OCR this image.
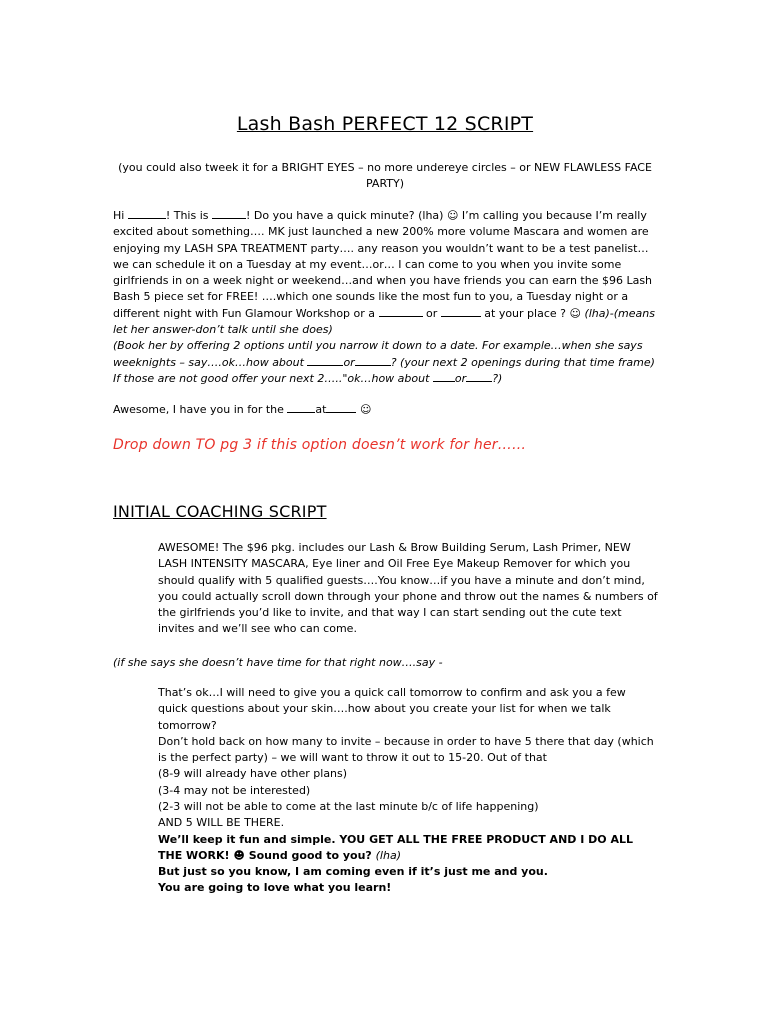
Lash Bash PERFECT 12 SCRIPT
(you could also tweek it for a BRIGHT EYES – no more undereye circles – or NEW FLAWLESS FACE PARTY)

Hi	! This is	! Do you have a quick minute? (lha) ☺ I’m calling you because I’m really excited about something…. MK just launched a new 200% more volume Mascara and women are enjoying my LASH SPA TREATMENT party…. any reason you wouldn’t want to be a test panelist…we can schedule it on a Tuesday at my event…or… I can come to you when you invite some girlfriends in on a week night or weekend…and when you have friends you can earn the $96 Lash Bash 5 piece set for FREE! ….which one sounds like the most fun to you, a Tuesday night or a different night with Fun Glamour Workshop or a	or	at your place ? ☺ (lha)-(means let her answer-don’t talk until she does)

(Book her by offering 2 options until you narrow it down to a date. For example…when she says weeknights – say….ok…how about	or	? (your next 2 openings during that time frame)

If those are not good offer your next 2….."ok…how about or ?)

Awesome, I have you in for the	at	☺
Drop down TO pg 3 if this option doesn’t work for her……
INITIAL COACHING SCRIPT
AWESOME! The $96 pkg. includes our Lash & Brow Building Serum, Lash Primer, NEW LASH INTENSITY MASCARA, Eye liner and Oil Free Eye Makeup Remover for which you should qualify with 5 qualified guests….You know…if you have a minute and don’t mind, you could actually scroll down through your phone and throw out the names & numbers of the girlfriends you’d like to invite, and that way I can start sending out the cute text invites and we’ll see who can come.
(if she says she doesn’t have time for that right now….say -
That’s ok…I will need to give you a quick call tomorrow to confirm and ask you a few quick questions about your skin….how about you create your list for when we talk tomorrow?
Don’t hold back on how many to invite – because in order to have 5 there that day (which is the perfect party) – we will want to throw it out to 15-20. Out of that
(8-9 will already have other plans)
(3-4 may not be interested)
(2-3 will not be able to come at the last minute b/c of life happening)
AND 5 WILL BE THERE.
We’ll keep it fun and simple. YOU GET ALL THE FREE PRODUCT AND I DO ALL THE WORK! ☻ Sound good to you? (lha)
But just so you know, I am coming even if it’s just me and you.
You are going to love what you learn!
